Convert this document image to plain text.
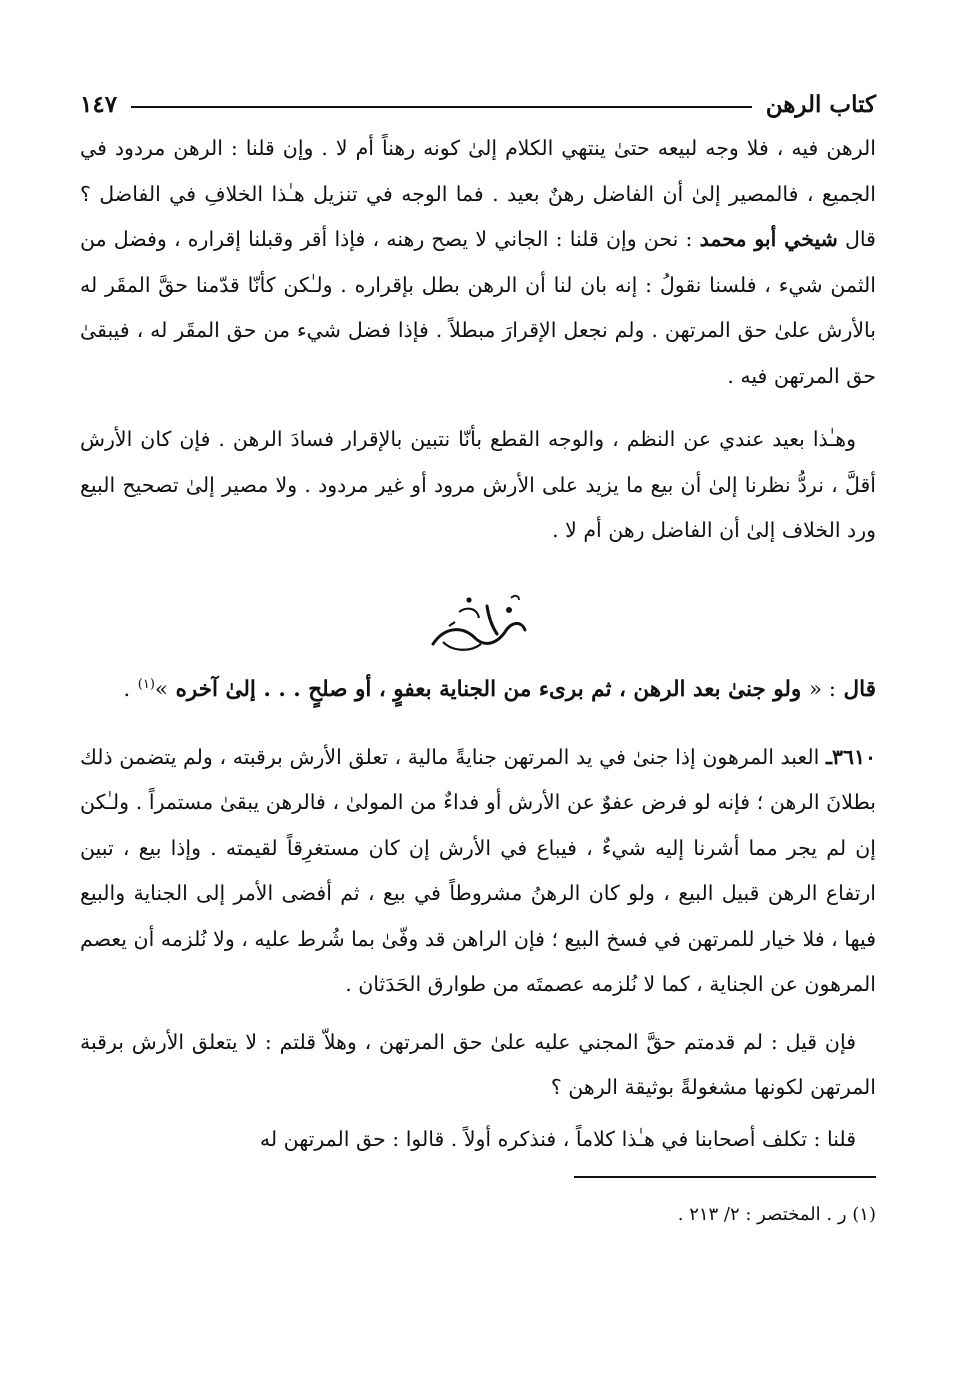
كتاب الرهن
١٤٧

الرهن فيه ، فلا وجه لبيعه حتىٰ ينتهي الكلام إلىٰ كونه رهناً أم لا . وإن قلنا : الرهن مردود في الجميع ، فالمصير إلىٰ أن الفاضل رهنٌ بعيد . فما الوجه في تنزيل هـٰذا الخلافِ في الفاضل ؟ قال شيخي أبو محمد : نحن وإن قلنا : الجاني لا يصح رهنه ، فإذا أقر وقبلنا إقراره ، وفضل من الثمن شيء ، فلسنا نقولُ : إنه بان لنا أن الرهن بطل بإقراره . ولـٰكن كأنّا قدّمنا حقَّ المقَر له بالأرش علىٰ حق المرتهن . ولم نجعل الإقرارَ مبطلاً . فإذا فضل شيء من حق المقَر له ، فيبقىٰ حق المرتهن فيه .

وهـٰذا بعيد عندي عن النظم ، والوجه القطع بأنّا نتبين بالإقرار فسادَ الرهن . فإن كان الأرش أقلَّ ، نردُّ نظرنا إلىٰ أن بيع ما يزيد على الأرش مرود أو غير مردود . ولا مصير إلىٰ تصحيح البيع ورد الخلاف إلىٰ أن الفاضل رهن أم لا .

فَصْلٌ

قال : « ولو جنىٰ بعد الرهن ، ثم برىء من الجناية بعفوٍ ، أو صلحٍ . . . إلىٰ آخره »$^{(١)}$ .

٣٦١٠ـ العبد المرهون إذا جنىٰ في يد المرتهن جنايةً مالية ، تعلق الأرش برقبته ، ولم يتضمن ذلك بطلانَ الرهن ؛ فإنه لو فرض عفوٌ عن الأرش أو فداءٌ من المولىٰ ، فالرهن يبقىٰ مستمراً . ولـٰكن إن لم يجر مما أشرنا إليه شيءٌ ، فيباع في الأرش إن كان مستغرِقاً لقيمته . وإذا بيع ، تبين ارتفاع الرهن قبيل البيع ، ولو كان الرهنُ مشروطاً في بيع ، ثم أفضى الأمر إلى الجناية والبيع فيها ، فلا خيار للمرتهن في فسخ البيع ؛ فإن الراهن قد وفّىٰ بما شُرط عليه ، ولا نُلزمه أن يعصم المرهون عن الجناية ، كما لا نُلزمه عصمتَه من طوارق الحَدَثان .

فإن قيل : لم قدمتم حقَّ المجني عليه علىٰ حق المرتهن ، وهلاّ قلتم : لا يتعلق الأرش برقبة المرتهن لكونها مشغولةً بوثيقة الرهن ؟

قلنا : تكلف أصحابنا في هـٰذا كلاماً ، فنذكره أولاً . قالوا : حق المرتهن له

(١) ر . المختصر : ٢/ ٢١٣ .
